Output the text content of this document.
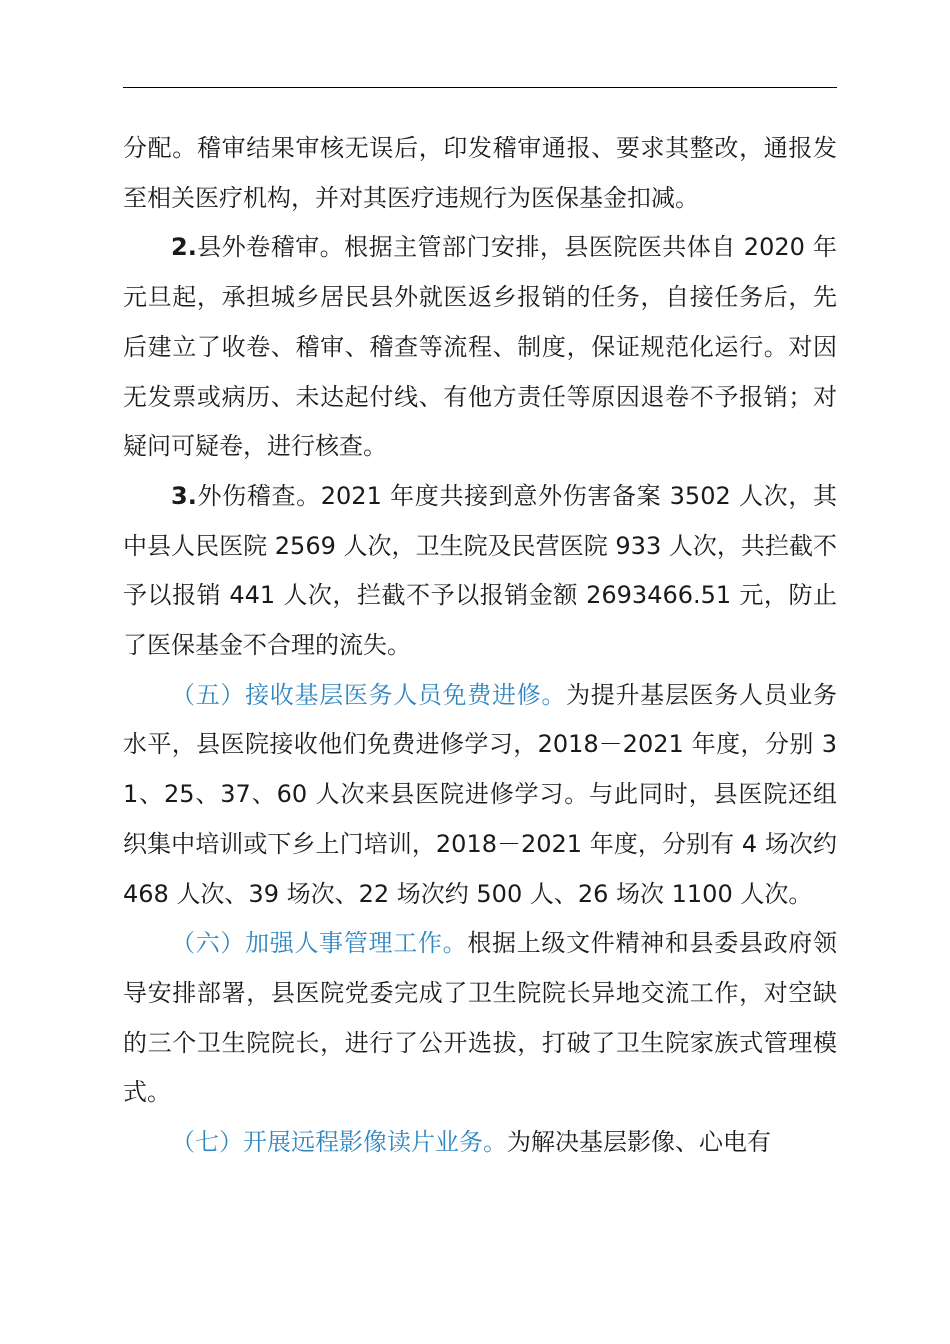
分配。稽审结果审核无误后，印发稽审通报、要求其整改，通报发至相关医疗机构，并对其医疗违规行为医保基金扣减。

2.县外卷稽审。根据主管部门安排，县医院医共体自 2020 年元旦起，承担城乡居民县外就医返乡报销的任务，自接任务后，先后建立了收卷、稽审、稽查等流程、制度，保证规范化运行。对因无发票或病历、未达起付线、有他方责任等原因退卷不予报销；对疑问可疑卷，进行核查。

3.外伤稽查。2021 年度共接到意外伤害备案 3502 人次，其中县人民医院 2569 人次，卫生院及民营医院 933 人次，共拦截不予以报销 441 人次，拦截不予以报销金额 2693466.51 元，防止了医保基金不合理的流失。

（五）接收基层医务人员免费进修。为提升基层医务人员业务水平，县医院接收他们免费进修学习，2018－2021 年度，分别 31、25、37、60 人次来县医院进修学习。与此同时，县医院还组织集中培训或下乡上门培训，2018－2021 年度，分别有 4 场次约 468 人次、39 场次、22 场次约 500 人、26 场次 1100 人次。

（六）加强人事管理工作。根据上级文件精神和县委县政府领导安排部署，县医院党委完成了卫生院院长异地交流工作，对空缺的三个卫生院院长，进行了公开选拔，打破了卫生院家族式管理模式。

（七）开展远程影像读片业务。为解决基层影像、心电有
